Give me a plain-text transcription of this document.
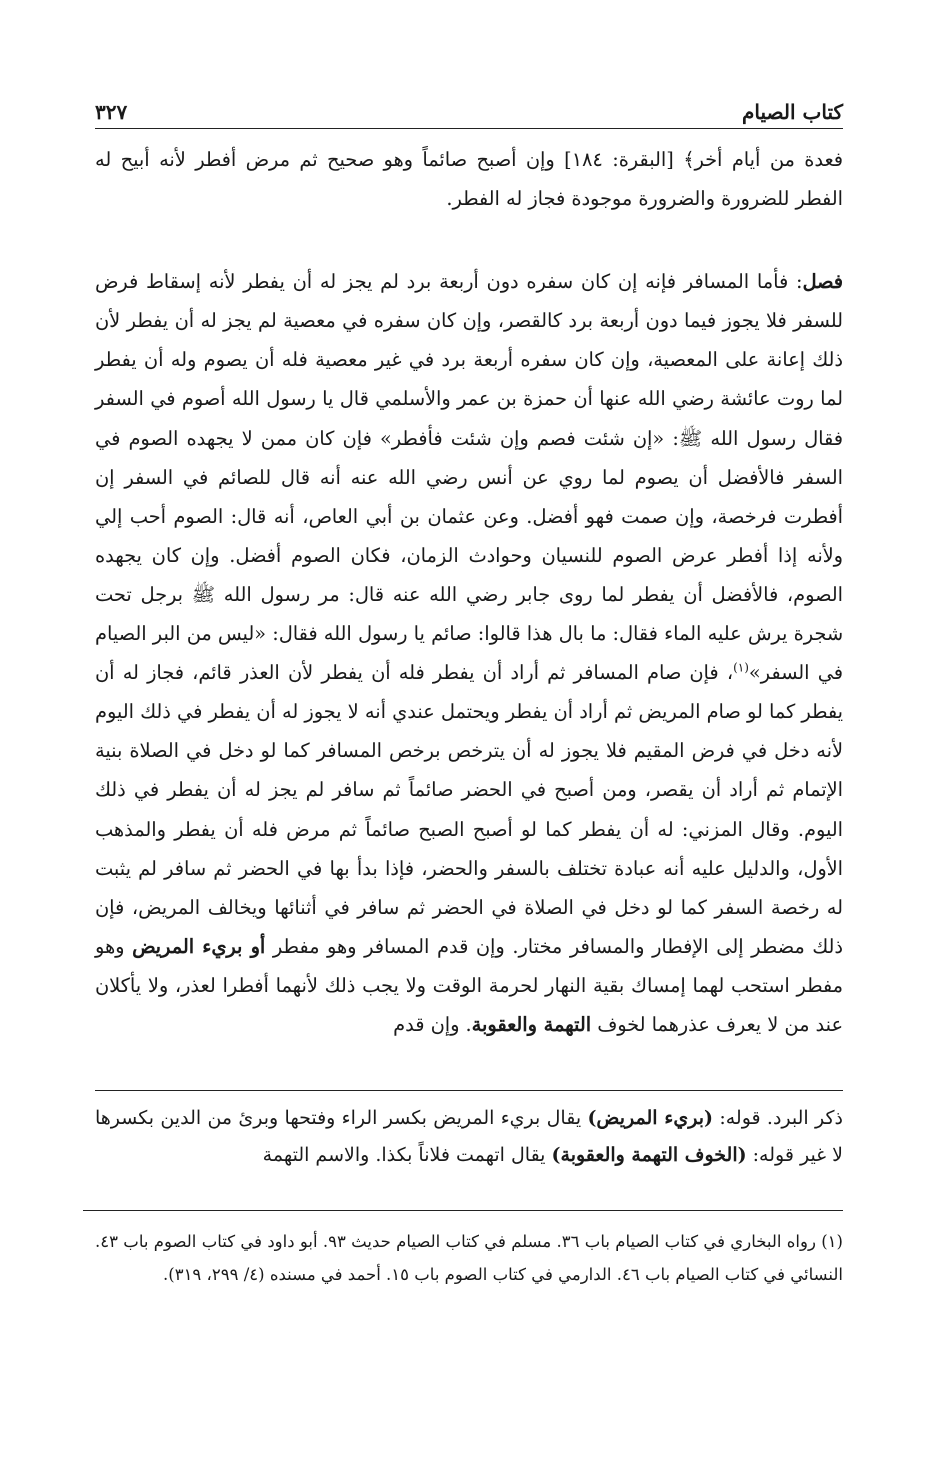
كتاب الصيام
٣٢٧

فعدة من أيام أخر﴾ [البقرة: ١٨٤] وإن أصبح صائماً وهو صحيح ثم مرض أفطر لأنه أبيح له الفطر للضرورة والضرورة موجودة فجاز له الفطر.

فصل: فأما المسافر فإنه إن كان سفره دون أربعة برد لم يجز له أن يفطر لأنه إسقاط فرض للسفر فلا يجوز فيما دون أربعة برد كالقصر، وإن كان سفره في معصية لم يجز له أن يفطر لأن ذلك إعانة على المعصية، وإن كان سفره أربعة برد في غير معصية فله أن يصوم وله أن يفطر لما روت عائشة رضي الله عنها أن حمزة بن عمر والأسلمي قال يا رسول الله أصوم في السفر فقال رسول الله ﷺ: «إن شئت فصم وإن شئت فأفطر» فإن كان ممن لا يجهده الصوم في السفر فالأفضل أن يصوم لما روي عن أنس رضي الله عنه أنه قال للصائم في السفر إن أفطرت فرخصة، وإن صمت فهو أفضل. وعن عثمان بن أبي العاص، أنه قال: الصوم أحب إلي ولأنه إذا أفطر عرض الصوم للنسيان وحوادث الزمان، فكان الصوم أفضل. وإن كان يجهده الصوم، فالأفضل أن يفطر لما روى جابر رضي الله عنه قال: مر رسول الله ﷺ برجل تحت شجرة يرش عليه الماء فقال: ما بال هذا قالوا: صائم يا رسول الله فقال: «ليس من البر الصيام في السفر»$^{(١)}$، فإن صام المسافر ثم أراد أن يفطر فله أن يفطر لأن العذر قائم، فجاز له أن يفطر كما لو صام المريض ثم أراد أن يفطر ويحتمل عندي أنه لا يجوز له أن يفطر في ذلك اليوم لأنه دخل في فرض المقيم فلا يجوز له أن يترخص برخص المسافر كما لو دخل في الصلاة بنية الإتمام ثم أراد أن يقصر، ومن أصبح في الحضر صائماً ثم سافر لم يجز له أن يفطر في ذلك اليوم. وقال المزني: له أن يفطر كما لو أصبح الصبح صائماً ثم مرض فله أن يفطر والمذهب الأول، والدليل عليه أنه عبادة تختلف بالسفر والحضر، فإذا بدأ بها في الحضر ثم سافر لم يثبت له رخصة السفر كما لو دخل في الصلاة في الحضر ثم سافر في أثنائها ويخالف المريض، فإن ذلك مضطر إلى الإفطار والمسافر مختار. وإن قدم المسافر وهو مفطر أو بريء المريض وهو مفطر استحب لهما إمساك بقية النهار لحرمة الوقت ولا يجب ذلك لأنهما أفطرا لعذر، ولا يأكلان عند من لا يعرف عذرهما لخوف التهمة والعقوبة. وإن قدم

ذكر البرد. قوله: (بريء المريض) يقال بريء المريض بكسر الراء وفتحها وبرئ من الدين بكسرها لا غير قوله: (الخوف التهمة والعقوبة) يقال اتهمت فلاناً بكذا. والاسم التهمة
(١) رواه البخاري في كتاب الصيام باب ٣٦. مسلم في كتاب الصيام حديث ٩٣. أبو داود في كتاب الصوم باب ٤٣. النسائي في كتاب الصيام باب ٤٦. الدارمي في كتاب الصوم باب ١٥. أحمد في مسنده (٤/ ٢٩٩، ٣١٩).
